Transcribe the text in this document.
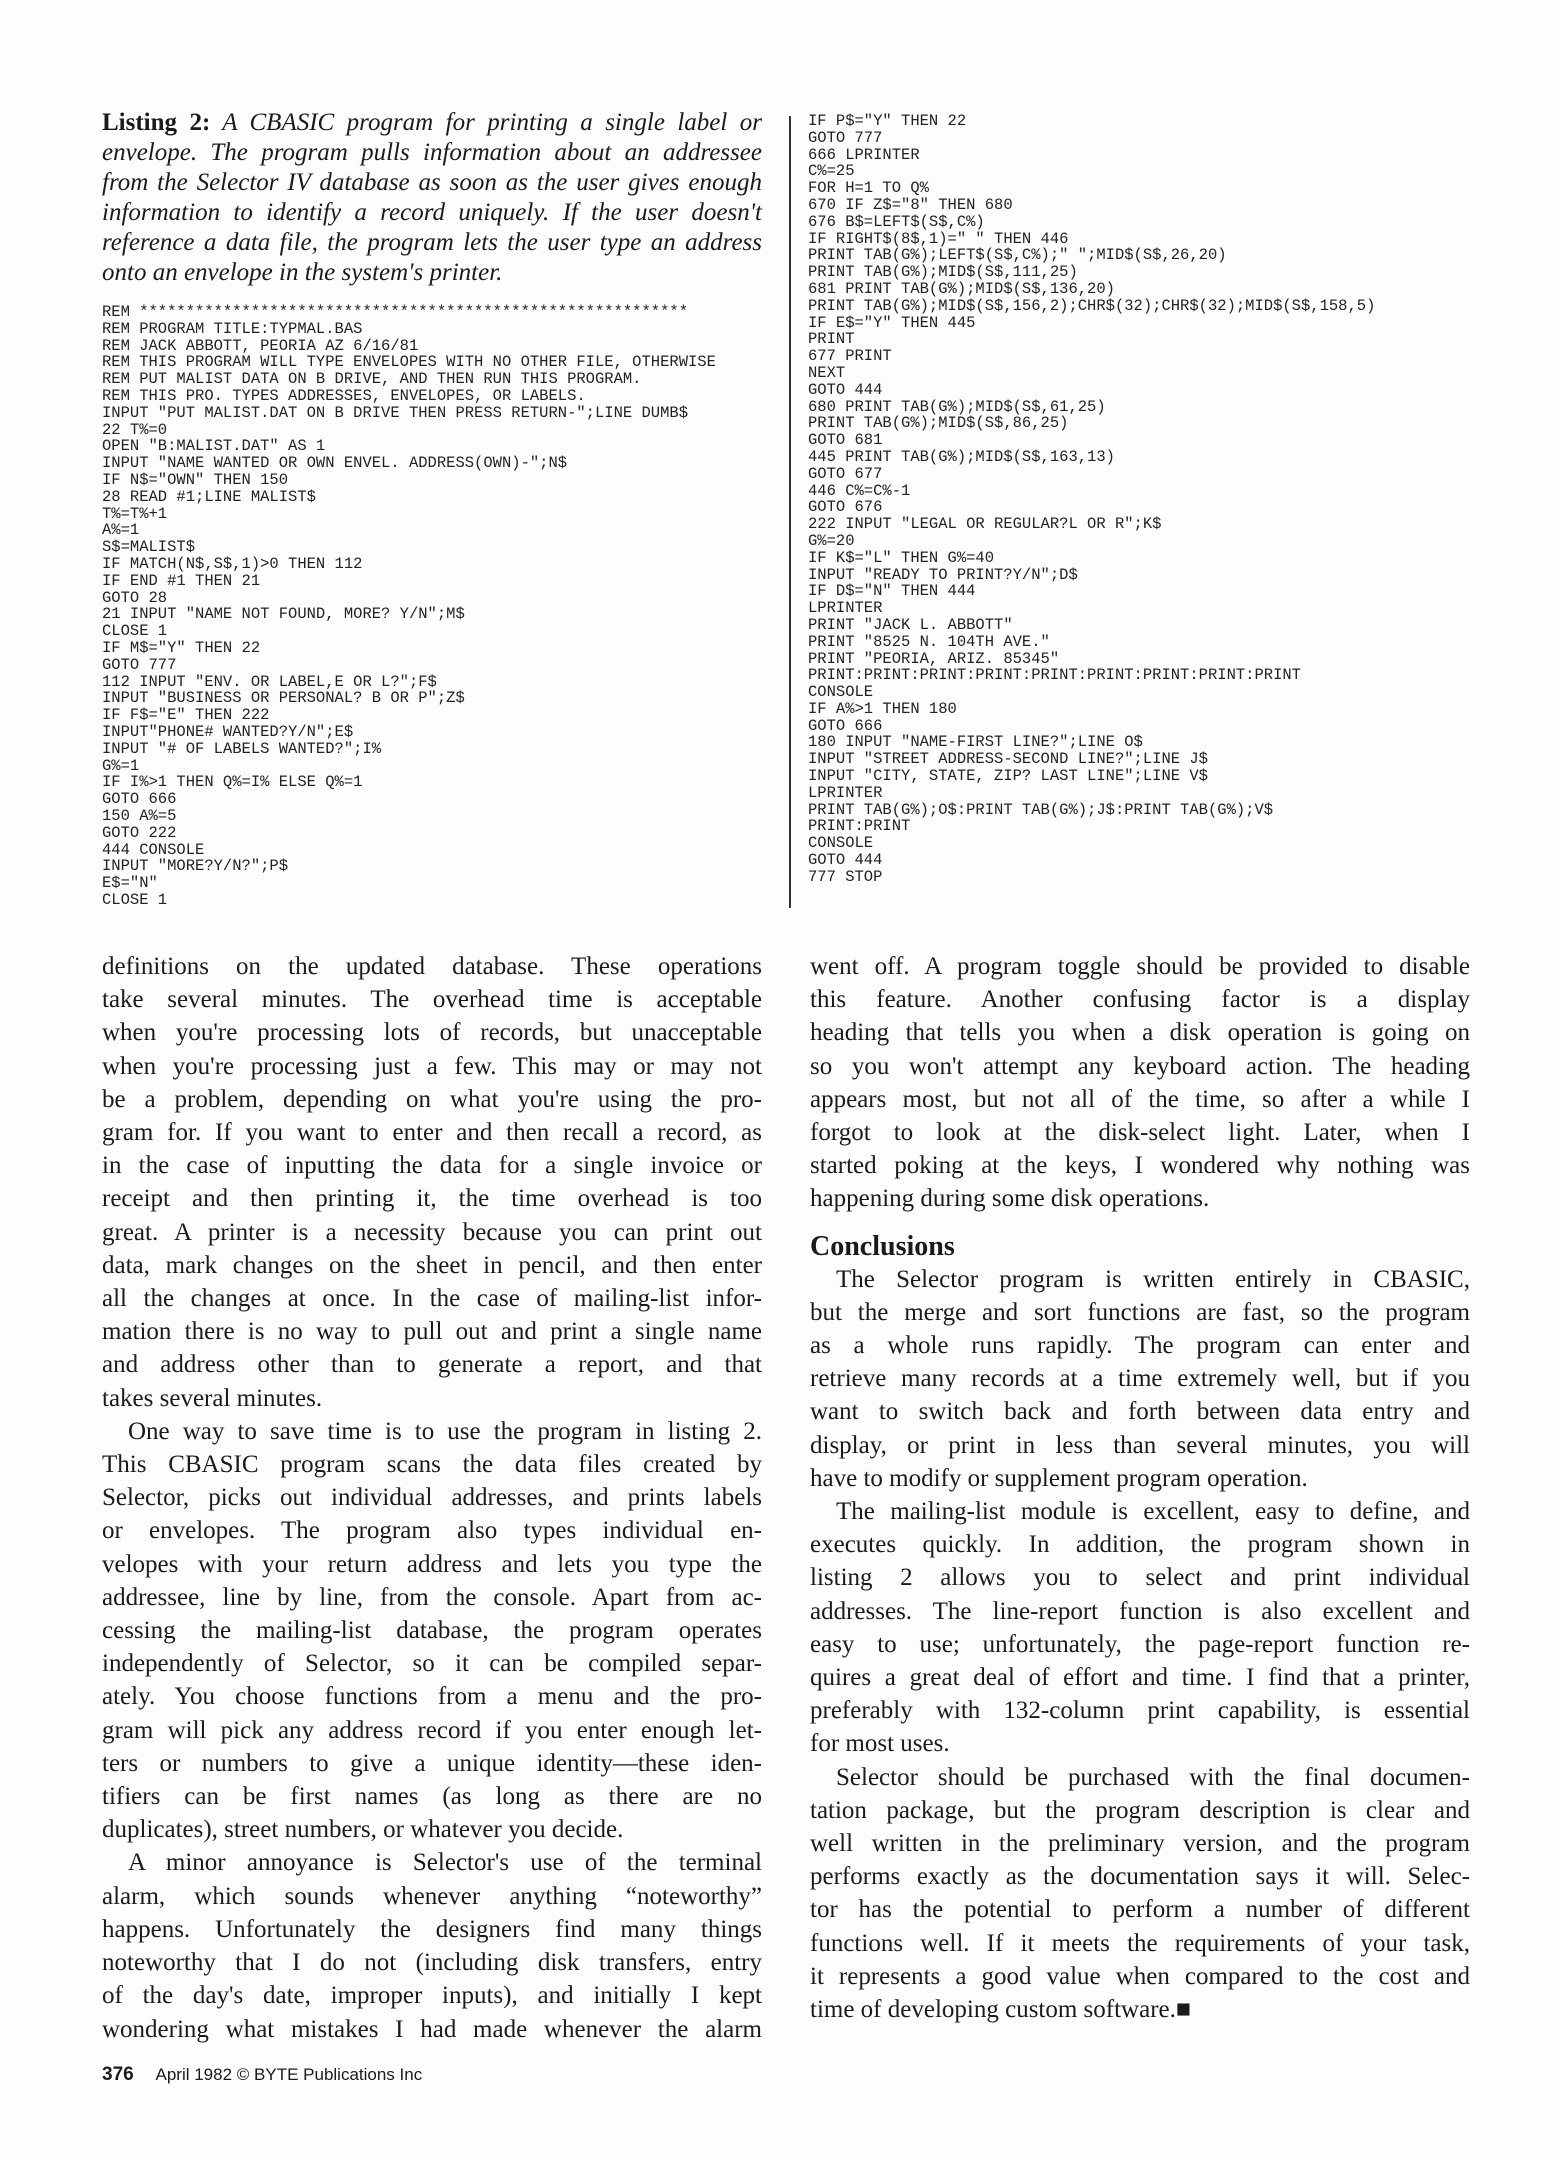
Listing 2: A CBASIC program for printing a single label or
envelope. The program pulls information about an addressee
from the Selector IV database as soon as the user gives enough
information to identify a record uniquely. If the user doesn't
reference a data file, the program lets the user type an address
onto an envelope in the system's printer.
REM ***********************************************************
REM PROGRAM TITLE:TYPMAL.BAS
REM JACK ABBOTT, PEORIA AZ 6/16/81
REM THIS PROGRAM WILL TYPE ENVELOPES WITH NO OTHER FILE, OTHERWISE
REM PUT MALIST DATA ON B DRIVE, AND THEN RUN THIS PROGRAM.
REM THIS PRO. TYPES ADDRESSES, ENVELOPES, OR LABELS.
INPUT "PUT MALIST.DAT ON B DRIVE THEN PRESS RETURN-";LINE DUMB$
22 T%=0
OPEN "B:MALIST.DAT" AS 1
INPUT "NAME WANTED OR OWN ENVEL. ADDRESS(OWN)-";N$
IF N$="OWN" THEN 150
28 READ #1;LINE MALIST$
T%=T%+1
A%=1
S$=MALIST$
IF MATCH(N$,S$,1)>0 THEN 112
IF END #1 THEN 21
GOTO 28
21 INPUT "NAME NOT FOUND, MORE? Y/N";M$
CLOSE 1
IF M$="Y" THEN 22
GOTO 777
112 INPUT "ENV. OR LABEL,E OR L?";F$
INPUT "BUSINESS OR PERSONAL? B OR P";Z$
IF F$="E" THEN 222
INPUT"PHONE# WANTED?Y/N";E$
INPUT "# OF LABELS WANTED?";I%
G%=1
IF I%>1 THEN Q%=I% ELSE Q%=1
GOTO 666
150 A%=5
GOTO 222
444 CONSOLE
INPUT "MORE?Y/N?";P$
E$="N"
CLOSE 1
IF P$="Y" THEN 22
GOTO 777
666 LPRINTER
C%=25
FOR H=1 TO Q%
670 IF Z$="8" THEN 680
676 B$=LEFT$(S$,C%)
IF RIGHT$(8$,1)=" " THEN 446
PRINT TAB(G%);LEFT$(S$,C%);" ";MID$(S$,26,20)
PRINT TAB(G%);MID$(S$,111,25)
681 PRINT TAB(G%);MID$(S$,136,20)
PRINT TAB(G%);MID$(S$,156,2);CHR$(32);CHR$(32);MID$(S$,158,5)
IF E$="Y" THEN 445
PRINT
677 PRINT
NEXT
GOTO 444
680 PRINT TAB(G%);MID$(S$,61,25)
PRINT TAB(G%);MID$(S$,86,25)
GOTO 681
445 PRINT TAB(G%);MID$(S$,163,13)
GOTO 677
446 C%=C%-1
GOTO 676
222 INPUT "LEGAL OR REGULAR?L OR R";K$
G%=20
IF K$="L" THEN G%=40
INPUT "READY TO PRINT?Y/N";D$
IF D$="N" THEN 444
LPRINTER
PRINT "JACK L. ABBOTT"
PRINT "8525 N. 104TH AVE."
PRINT "PEORIA, ARIZ. 85345"
PRINT:PRINT:PRINT:PRINT:PRINT:PRINT:PRINT:PRINT:PRINT
CONSOLE
IF A%>1 THEN 180
GOTO 666
180 INPUT "NAME-FIRST LINE?";LINE O$
INPUT "STREET ADDRESS-SECOND LINE?";LINE J$
INPUT "CITY, STATE, ZIP? LAST LINE";LINE V$
LPRINTER
PRINT TAB(G%);O$:PRINT TAB(G%);J$:PRINT TAB(G%);V$
PRINT:PRINT
CONSOLE
GOTO 444
777 STOP
definitions on the updated database. These operations
take several minutes. The overhead time is acceptable
when you're processing lots of records, but unacceptable
when you're processing just a few. This may or may not
be a problem, depending on what you're using the pro-
gram for. If you want to enter and then recall a record, as
in the case of inputting the data for a single invoice or
receipt and then printing it, the time overhead is too
great. A printer is a necessity because you can print out
data, mark changes on the sheet in pencil, and then enter
all the changes at once. In the case of mailing-list infor-
mation there is no way to pull out and print a single name
and address other than to generate a report, and that
takes several minutes.
One way to save time is to use the program in listing 2.
This CBASIC program scans the data files created by
Selector, picks out individual addresses, and prints labels
or envelopes. The program also types individual en-
velopes with your return address and lets you type the
addressee, line by line, from the console. Apart from ac-
cessing the mailing-list database, the program operates
independently of Selector, so it can be compiled separ-
ately. You choose functions from a menu and the pro-
gram will pick any address record if you enter enough let-
ters or numbers to give a unique identity—these iden-
tifiers can be first names (as long as there are no
duplicates), street numbers, or whatever you decide.
A minor annoyance is Selector's use of the terminal
alarm, which sounds whenever anything “noteworthy”
happens. Unfortunately the designers find many things
noteworthy that I do not (including disk transfers, entry
of the day's date, improper inputs), and initially I kept
wondering what mistakes I had made whenever the alarm
went off. A program toggle should be provided to disable
this feature. Another confusing factor is a display
heading that tells you when a disk operation is going on
so you won't attempt any keyboard action. The heading
appears most, but not all of the time, so after a while I
forgot to look at the disk-select light. Later, when I
started poking at the keys, I wondered why nothing was
happening during some disk operations.
Conclusions
The Selector program is written entirely in CBASIC,
but the merge and sort functions are fast, so the program
as a whole runs rapidly. The program can enter and
retrieve many records at a time extremely well, but if you
want to switch back and forth between data entry and
display, or print in less than several minutes, you will
have to modify or supplement program operation.
The mailing-list module is excellent, easy to define, and
executes quickly. In addition, the program shown in
listing 2 allows you to select and print individual
addresses. The line-report function is also excellent and
easy to use; unfortunately, the page-report function re-
quires a great deal of effort and time. I find that a printer,
preferably with 132-column print capability, is essential
for most uses.
Selector should be purchased with the final documen-
tation package, but the program description is clear and
well written in the preliminary version, and the program
performs exactly as the documentation says it will. Selec-
tor has the potential to perform a number of different
functions well. If it meets the requirements of your task,
it represents a good value when compared to the cost and
time of developing custom software.■
376 April 1982 © BYTE Publications Inc
